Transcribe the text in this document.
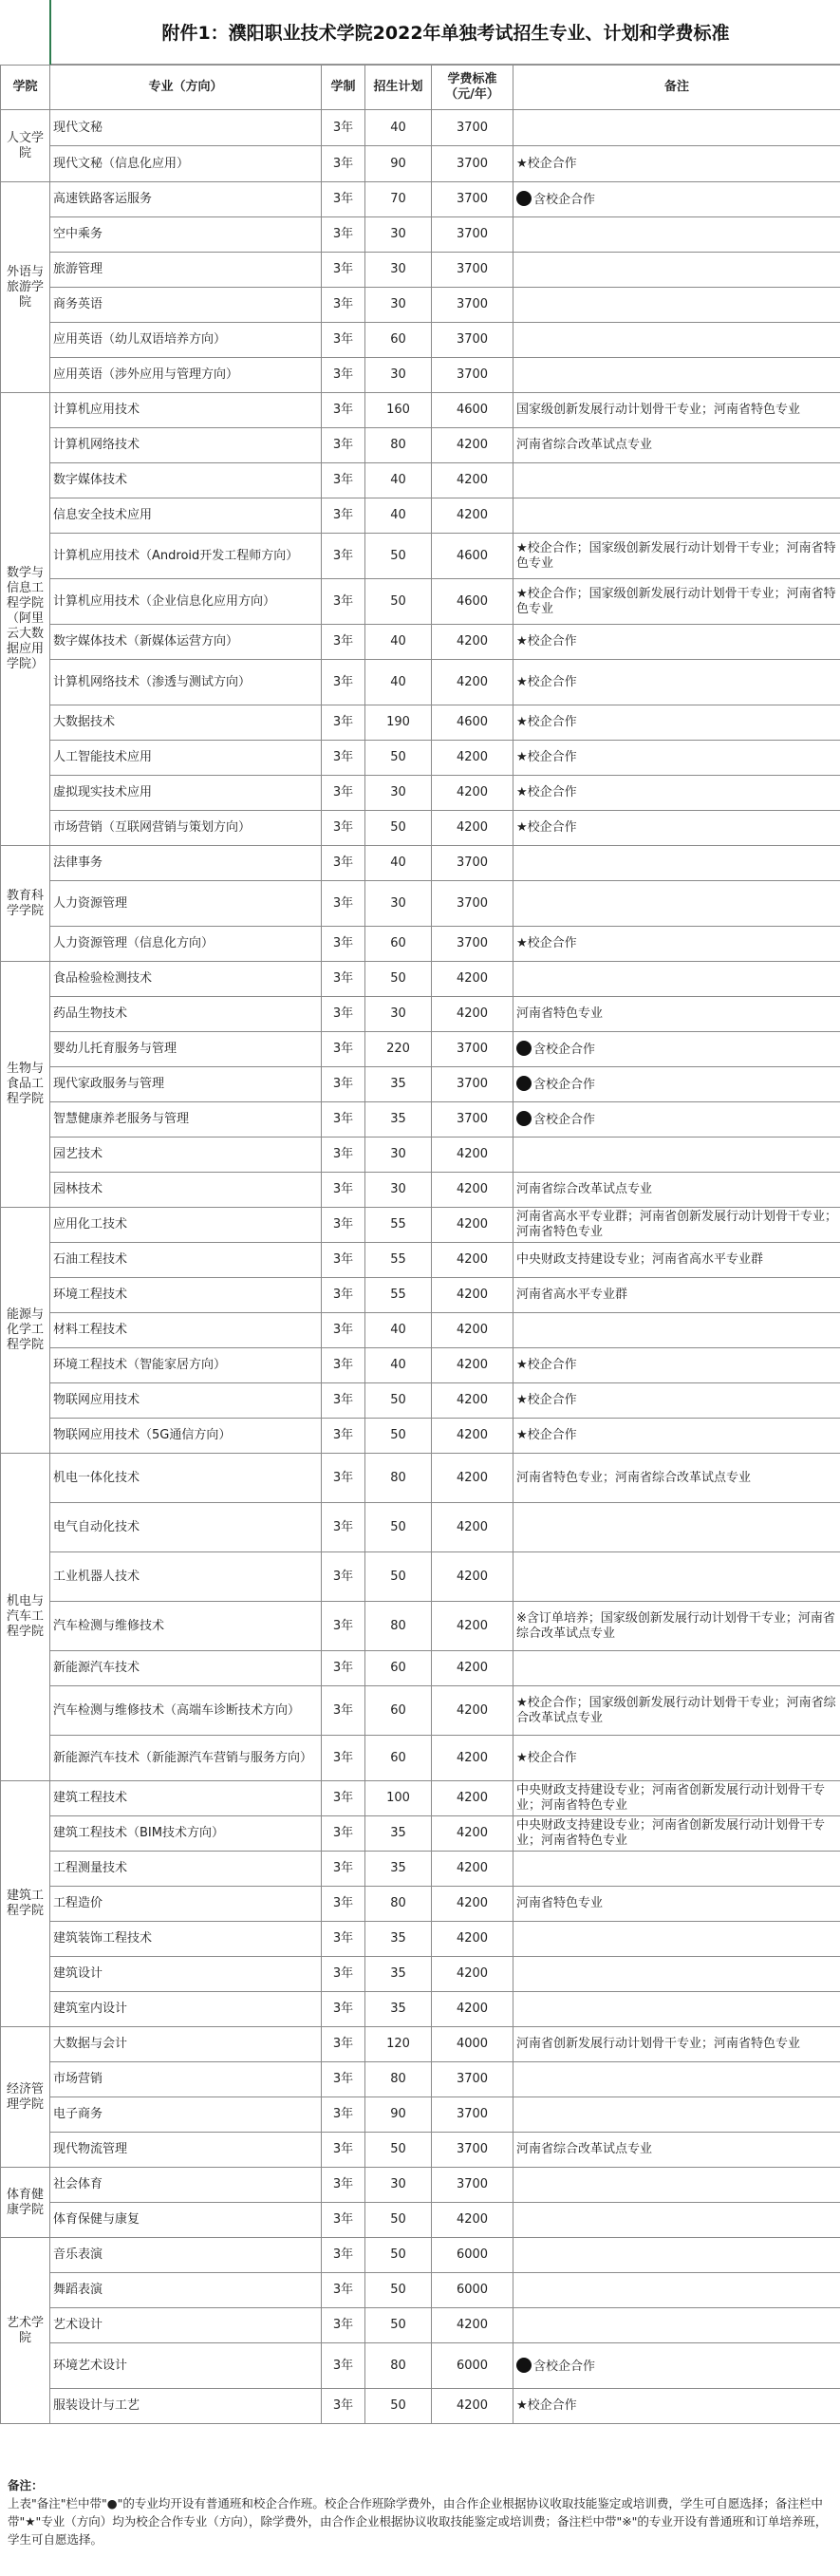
附件1：濮阳职业技术学院2022年单独考试招生专业、计划和学费标准
学院	专业（方向）	学制	招生计划	学费标准（元/年）	备注
人文学院	现代文秘	3年	40	3700	
	现代文秘（信息化应用）	3年	90	3700	★校企合作
外语与旅游学院	高速铁路客运服务	3年	70	3700	含校企合作
	空中乘务	3年	30	3700	
	旅游管理	3年	30	3700	
	商务英语	3年	30	3700	
	应用英语（幼儿双语培养方向）	3年	60	3700	
	应用英语（涉外应用与管理方向）	3年	30	3700	
数学与信息工程学院（阿里云大数据应用学院）	计算机应用技术	3年	160	4600	国家级创新发展行动计划骨干专业；河南省特色专业
	计算机网络技术	3年	80	4200	河南省综合改革试点专业
	数字媒体技术	3年	40	4200	
	信息安全技术应用	3年	40	4200	
	计算机应用技术（Android开发工程师方向）	3年	50	4600	★校企合作；国家级创新发展行动计划骨干专业；河南省特色专业
	计算机应用技术（企业信息化应用方向）	3年	50	4600	★校企合作；国家级创新发展行动计划骨干专业；河南省特色专业
	数字媒体技术（新媒体运营方向）	3年	40	4200	★校企合作
	计算机网络技术（渗透与测试方向）	3年	40	4200	★校企合作
	大数据技术	3年	190	4600	★校企合作
	人工智能技术应用	3年	50	4200	★校企合作
	虚拟现实技术应用	3年	30	4200	★校企合作
	市场营销（互联网营销与策划方向）	3年	50	4200	★校企合作
教育科学学院	法律事务	3年	40	3700	
	人力资源管理	3年	30	3700	
	人力资源管理（信息化方向）	3年	60	3700	★校企合作
生物与食品工程学院	食品检验检测技术	3年	50	4200	
	药品生物技术	3年	30	4200	河南省特色专业
	婴幼儿托育服务与管理	3年	220	3700	含校企合作
	现代家政服务与管理	3年	35	3700	含校企合作
	智慧健康养老服务与管理	3年	35	3700	含校企合作
	园艺技术	3年	30	4200	
	园林技术	3年	30	4200	河南省综合改革试点专业
能源与化学工程学院	应用化工技术	3年	55	4200	河南省高水平专业群；河南省创新发展行动计划骨干专业；河南省特色专业
	石油工程技术	3年	55	4200	中央财政支持建设专业；河南省高水平专业群
	环境工程技术	3年	55	4200	河南省高水平专业群
	材料工程技术	3年	40	4200	
	环境工程技术（智能家居方向）	3年	40	4200	★校企合作
	物联网应用技术	3年	50	4200	★校企合作
	物联网应用技术（5G通信方向）	3年	50	4200	★校企合作
机电与汽车工程学院	机电一体化技术	3年	80	4200	河南省特色专业；河南省综合改革试点专业
	电气自动化技术	3年	50	4200	
	工业机器人技术	3年	50	4200	
	汽车检测与维修技术	3年	80	4200	※含订单培养；国家级创新发展行动计划骨干专业；河南省综合改革试点专业
	新能源汽车技术	3年	60	4200	
	汽车检测与维修技术（高端车诊断技术方向）	3年	60	4200	★校企合作；国家级创新发展行动计划骨干专业；河南省综合改革试点专业
	新能源汽车技术（新能源汽车营销与服务方向）	3年	60	4200	★校企合作
建筑工程学院	建筑工程技术	3年	100	4200	中央财政支持建设专业；河南省创新发展行动计划骨干专业；河南省特色专业
	建筑工程技术（BIM技术方向）	3年	35	4200	中央财政支持建设专业；河南省创新发展行动计划骨干专业；河南省特色专业
	工程测量技术	3年	35	4200	
	工程造价	3年	80	4200	河南省特色专业
	建筑装饰工程技术	3年	35	4200	
	建筑设计	3年	35	4200	
	建筑室内设计	3年	35	4200	
经济管理学院	大数据与会计	3年	120	4000	河南省创新发展行动计划骨干专业；河南省特色专业
	市场营销	3年	80	3700	
	电子商务	3年	90	3700	
	现代物流管理	3年	50	3700	河南省综合改革试点专业
体育健康学院	社会体育	3年	30	3700	
	体育保健与康复	3年	50	4200	
艺术学院	音乐表演	3年	50	6000	
	舞蹈表演	3年	50	6000	
	艺术设计	3年	50	4200	
	环境艺术设计	3年	80	6000	含校企合作
	服装设计与工艺	3年	50	4200	★校企合作
备注：
上表"备注"栏中带"●"的专业均开设有普通班和校企合作班。校企合作班除学费外，由合作企业根据协议收取技能鉴定或培训费，学生可自愿选择；备注栏中带"★"专业（方向）均为校企合作专业（方向），除学费外，由合作企业根据协议收取技能鉴定或培训费；备注栏中带"※"的专业开设有普通班和订单培养班，学生可自愿选择。
